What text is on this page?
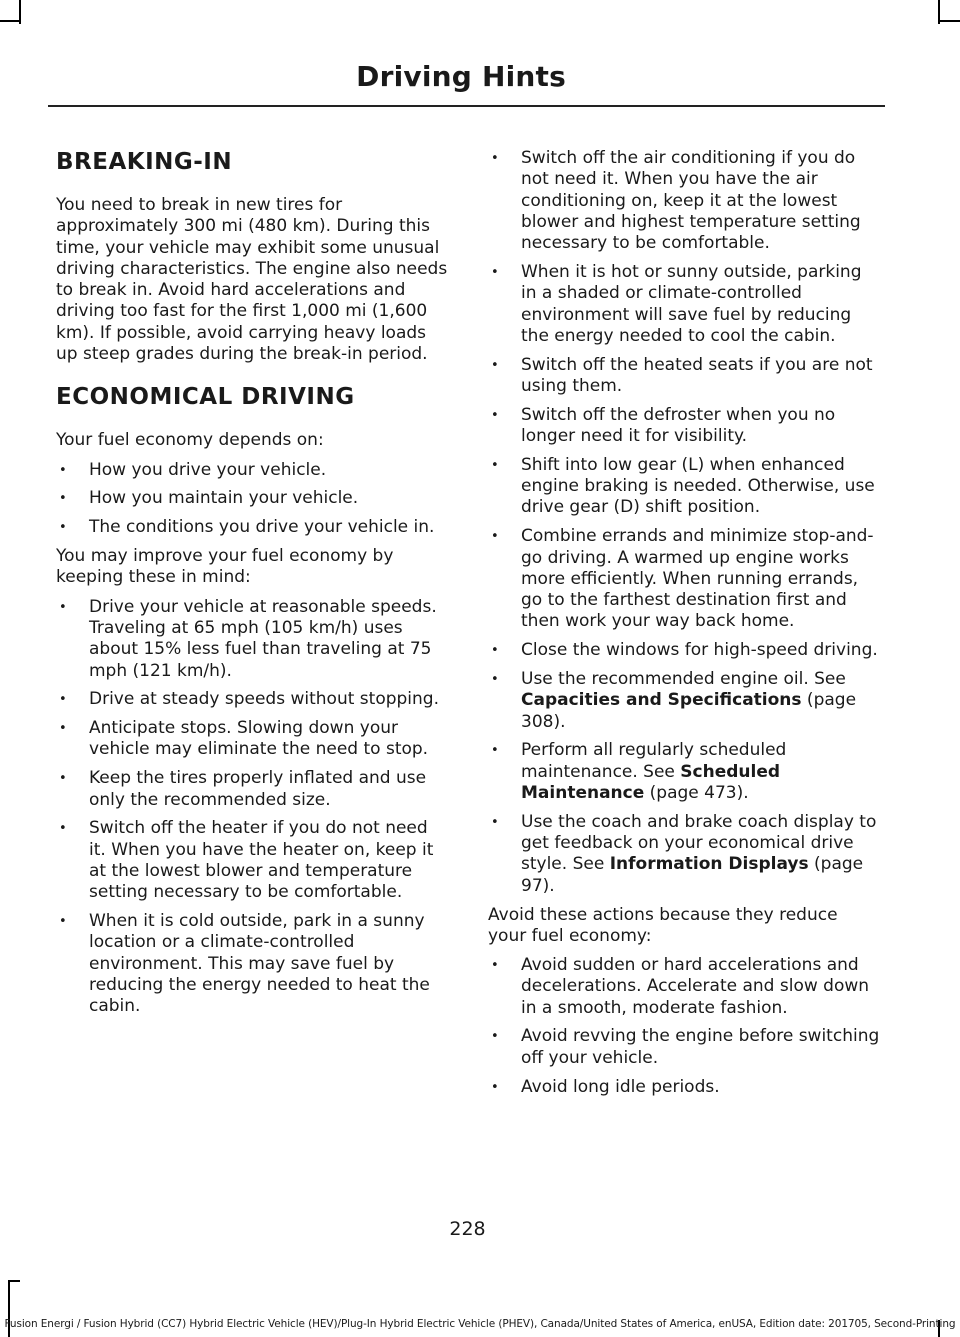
Driving Hints
BREAKING-IN

You need to break in new tires for approximately 300 mi (480 km). During this time, your vehicle may exhibit some unusual driving characteristics. The engine also needs to break in. Avoid hard accelerations and driving too fast for the first 1,000 mi (1,600 km). If possible, avoid carrying heavy loads up steep grades during the break-in period.

ECONOMICAL DRIVING

Your fuel economy depends on:

• How you drive your vehicle.
• How you maintain your vehicle.
• The conditions you drive your vehicle in.

You may improve your fuel economy by keeping these in mind:

• Drive your vehicle at reasonable speeds. Traveling at 65 mph (105 km/h) uses about 15% less fuel than traveling at 75 mph (121 km/h).
• Drive at steady speeds without stopping.
• Anticipate stops. Slowing down your vehicle may eliminate the need to stop.
• Keep the tires properly inflated and use only the recommended size.
• Switch off the heater if you do not need it. When you have the heater on, keep it at the lowest blower and temperature setting necessary to be comfortable.
• When it is cold outside, park in a sunny location or a climate-controlled environment. This may save fuel by reducing the energy needed to heat the cabin.
• Switch off the air conditioning if you do not need it. When you have the air conditioning on, keep it at the lowest blower and highest temperature setting necessary to be comfortable.
• When it is hot or sunny outside, parking in a shaded or climate-controlled environment will save fuel by reducing the energy needed to cool the cabin.
• Switch off the heated seats if you are not using them.
• Switch off the defroster when you no longer need it for visibility.
• Shift into low gear (L) when enhanced engine braking is needed. Otherwise, use drive gear (D) shift position.
• Combine errands and minimize stop-and-go driving. A warmed up engine works more efficiently. When running errands, go to the farthest destination first and then work your way back home.
• Close the windows for high-speed driving.
• Use the recommended engine oil. See Capacities and Specifications (page 308).
• Perform all regularly scheduled maintenance. See Scheduled Maintenance (page 473).
• Use the coach and brake coach display to get feedback on your economical drive style. See Information Displays (page 97).

Avoid these actions because they reduce your fuel economy:

• Avoid sudden or hard accelerations and decelerations. Accelerate and slow down in a smooth, moderate fashion.
• Avoid revving the engine before switching off your vehicle.
• Avoid long idle periods.
228
Fusion Energi / Fusion Hybrid (CC7) Hybrid Electric Vehicle (HEV)/Plug-In Hybrid Electric Vehicle (PHEV), Canada/United States of America, enUSA, Edition date: 201705, Second-Printing
